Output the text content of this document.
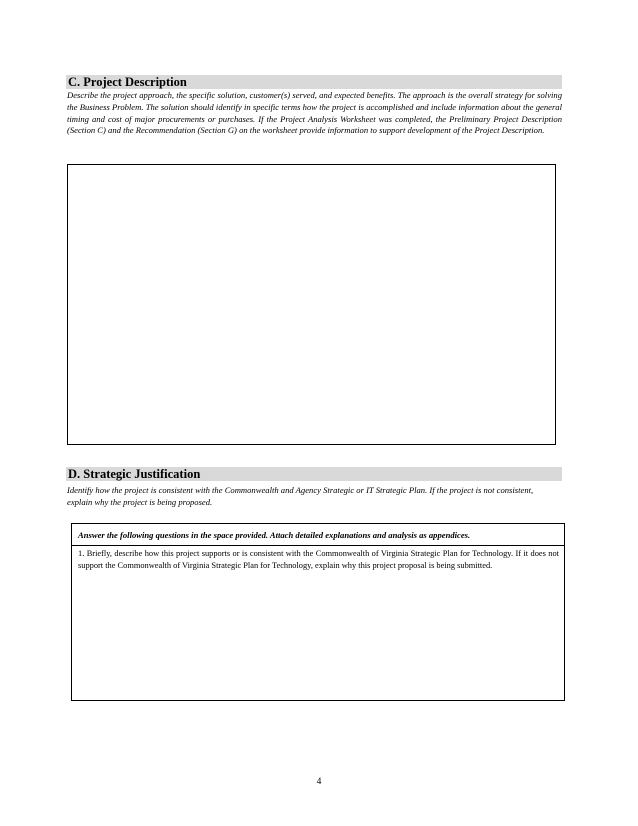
C. Project Description
Describe the project approach, the specific solution, customer(s) served, and expected benefits. The approach is the overall strategy for solving the Business Problem. The solution should identify in specific terms how the project is accomplished and include information about the general timing and cost of major procurements or purchases. If the Project Analysis Worksheet was completed, the Preliminary Project Description (Section C) and the Recommendation (Section G) on the worksheet provide information to support development of the Project Description.
D. Strategic Justification
Identify how the project is consistent with the Commonwealth and Agency Strategic or IT Strategic Plan. If the project is not consistent, explain why the project is being proposed.
Answer the following questions in the space provided. Attach detailed explanations and analysis as appendices.
1. Briefly, describe how this project supports or is consistent with the Commonwealth of Virginia Strategic Plan for Technology. If it does not support the Commonwealth of Virginia Strategic Plan for Technology, explain why this project proposal is being submitted.
4
